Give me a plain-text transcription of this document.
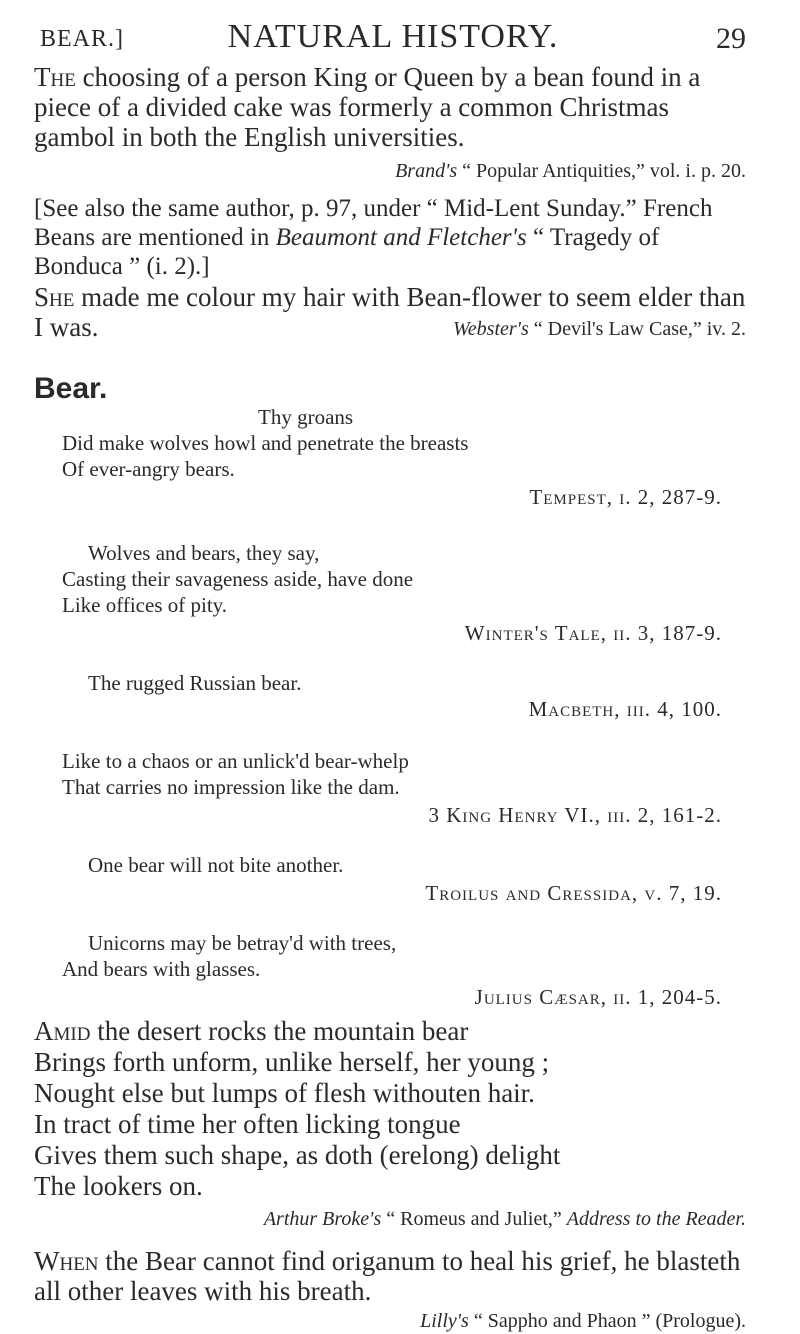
BEAR.]	NATURAL HISTORY.	29

The choosing of a person King or Queen by a bean found in a piece of a divided cake was formerly a common Christmas gambol in both the English universities.

Brand's “ Popular Antiquities,” vol. i. p. 20.

[See also the same author, p. 97, under “ Mid-Lent Sunday.” French Beans are mentioned in Beaumont and Fletcher's “ Tragedy of Bonduca ” (i. 2).]

She made me colour my hair with Bean-flower to seem elder than I was.	Webster's “ Devil's Law Case,” iv. 2.
Bear.

Thy groans

Did make wolves howl and penetrate the breasts

Of ever-angry bears.

Tempest, i. 2, 287-9.

Wolves and bears, they say,

Casting their savageness aside, have done

Like offices of pity.

Winter's Tale, ii. 3, 187-9.

The rugged Russian bear.

Macbeth, iii. 4, 100.

Like to a chaos or an unlick'd bear-whelp

That carries no impression like the dam.

3 King Henry VI., iii. 2, 161-2.

One bear will not bite another.

Troilus and Cressida, v. 7, 19.

Unicorns may be betray'd with trees,

And bears with glasses.

Julius Cæsar, ii. 1, 204-5.

Amid the desert rocks the mountain bear

Brings forth unform, unlike herself, her young ;

Nought else but lumps of flesh withouten hair.

In tract of time her often licking tongue

Gives them such shape, as doth (erelong) delight

The lookers on.

Arthur Broke's “ Romeus and Juliet,” Address to the Reader.

When the Bear cannot find origanum to heal his grief, he blasteth all other leaves with his breath.

Lilly's “ Sappho and Phaon ” (Prologue).
